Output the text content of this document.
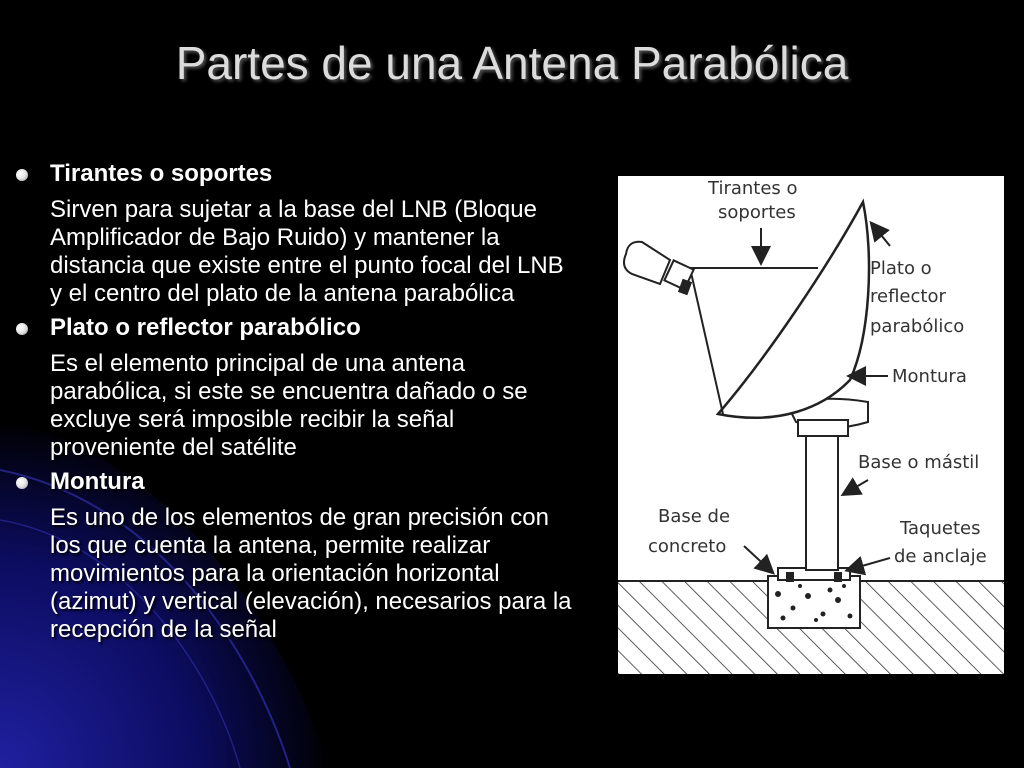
Partes de una Antena Parabólica
Tirantes o soportes
Sirven para sujetar a la base del LNB (Bloque Amplificador de Bajo Ruido) y mantener la distancia que existe entre el punto focal del LNB y el centro del plato de la antena parabólica
Plato o reflector parabólico
Es el elemento principal de una antena parabólica, si este se encuentra dañado o se excluye será imposible recibir la señal proveniente del satélite
Montura
Es uno de los elementos de gran precisión con los que cuenta la antena, permite realizar movimientos para la orientación horizontal (azimut) y vertical (elevación), necesarios para la recepción de la señal
Tirantes o
soportes
Plato o
reflector
parabólico
Montura
Base o mástil
Base de
concreto
Taquetes
de anclaje
